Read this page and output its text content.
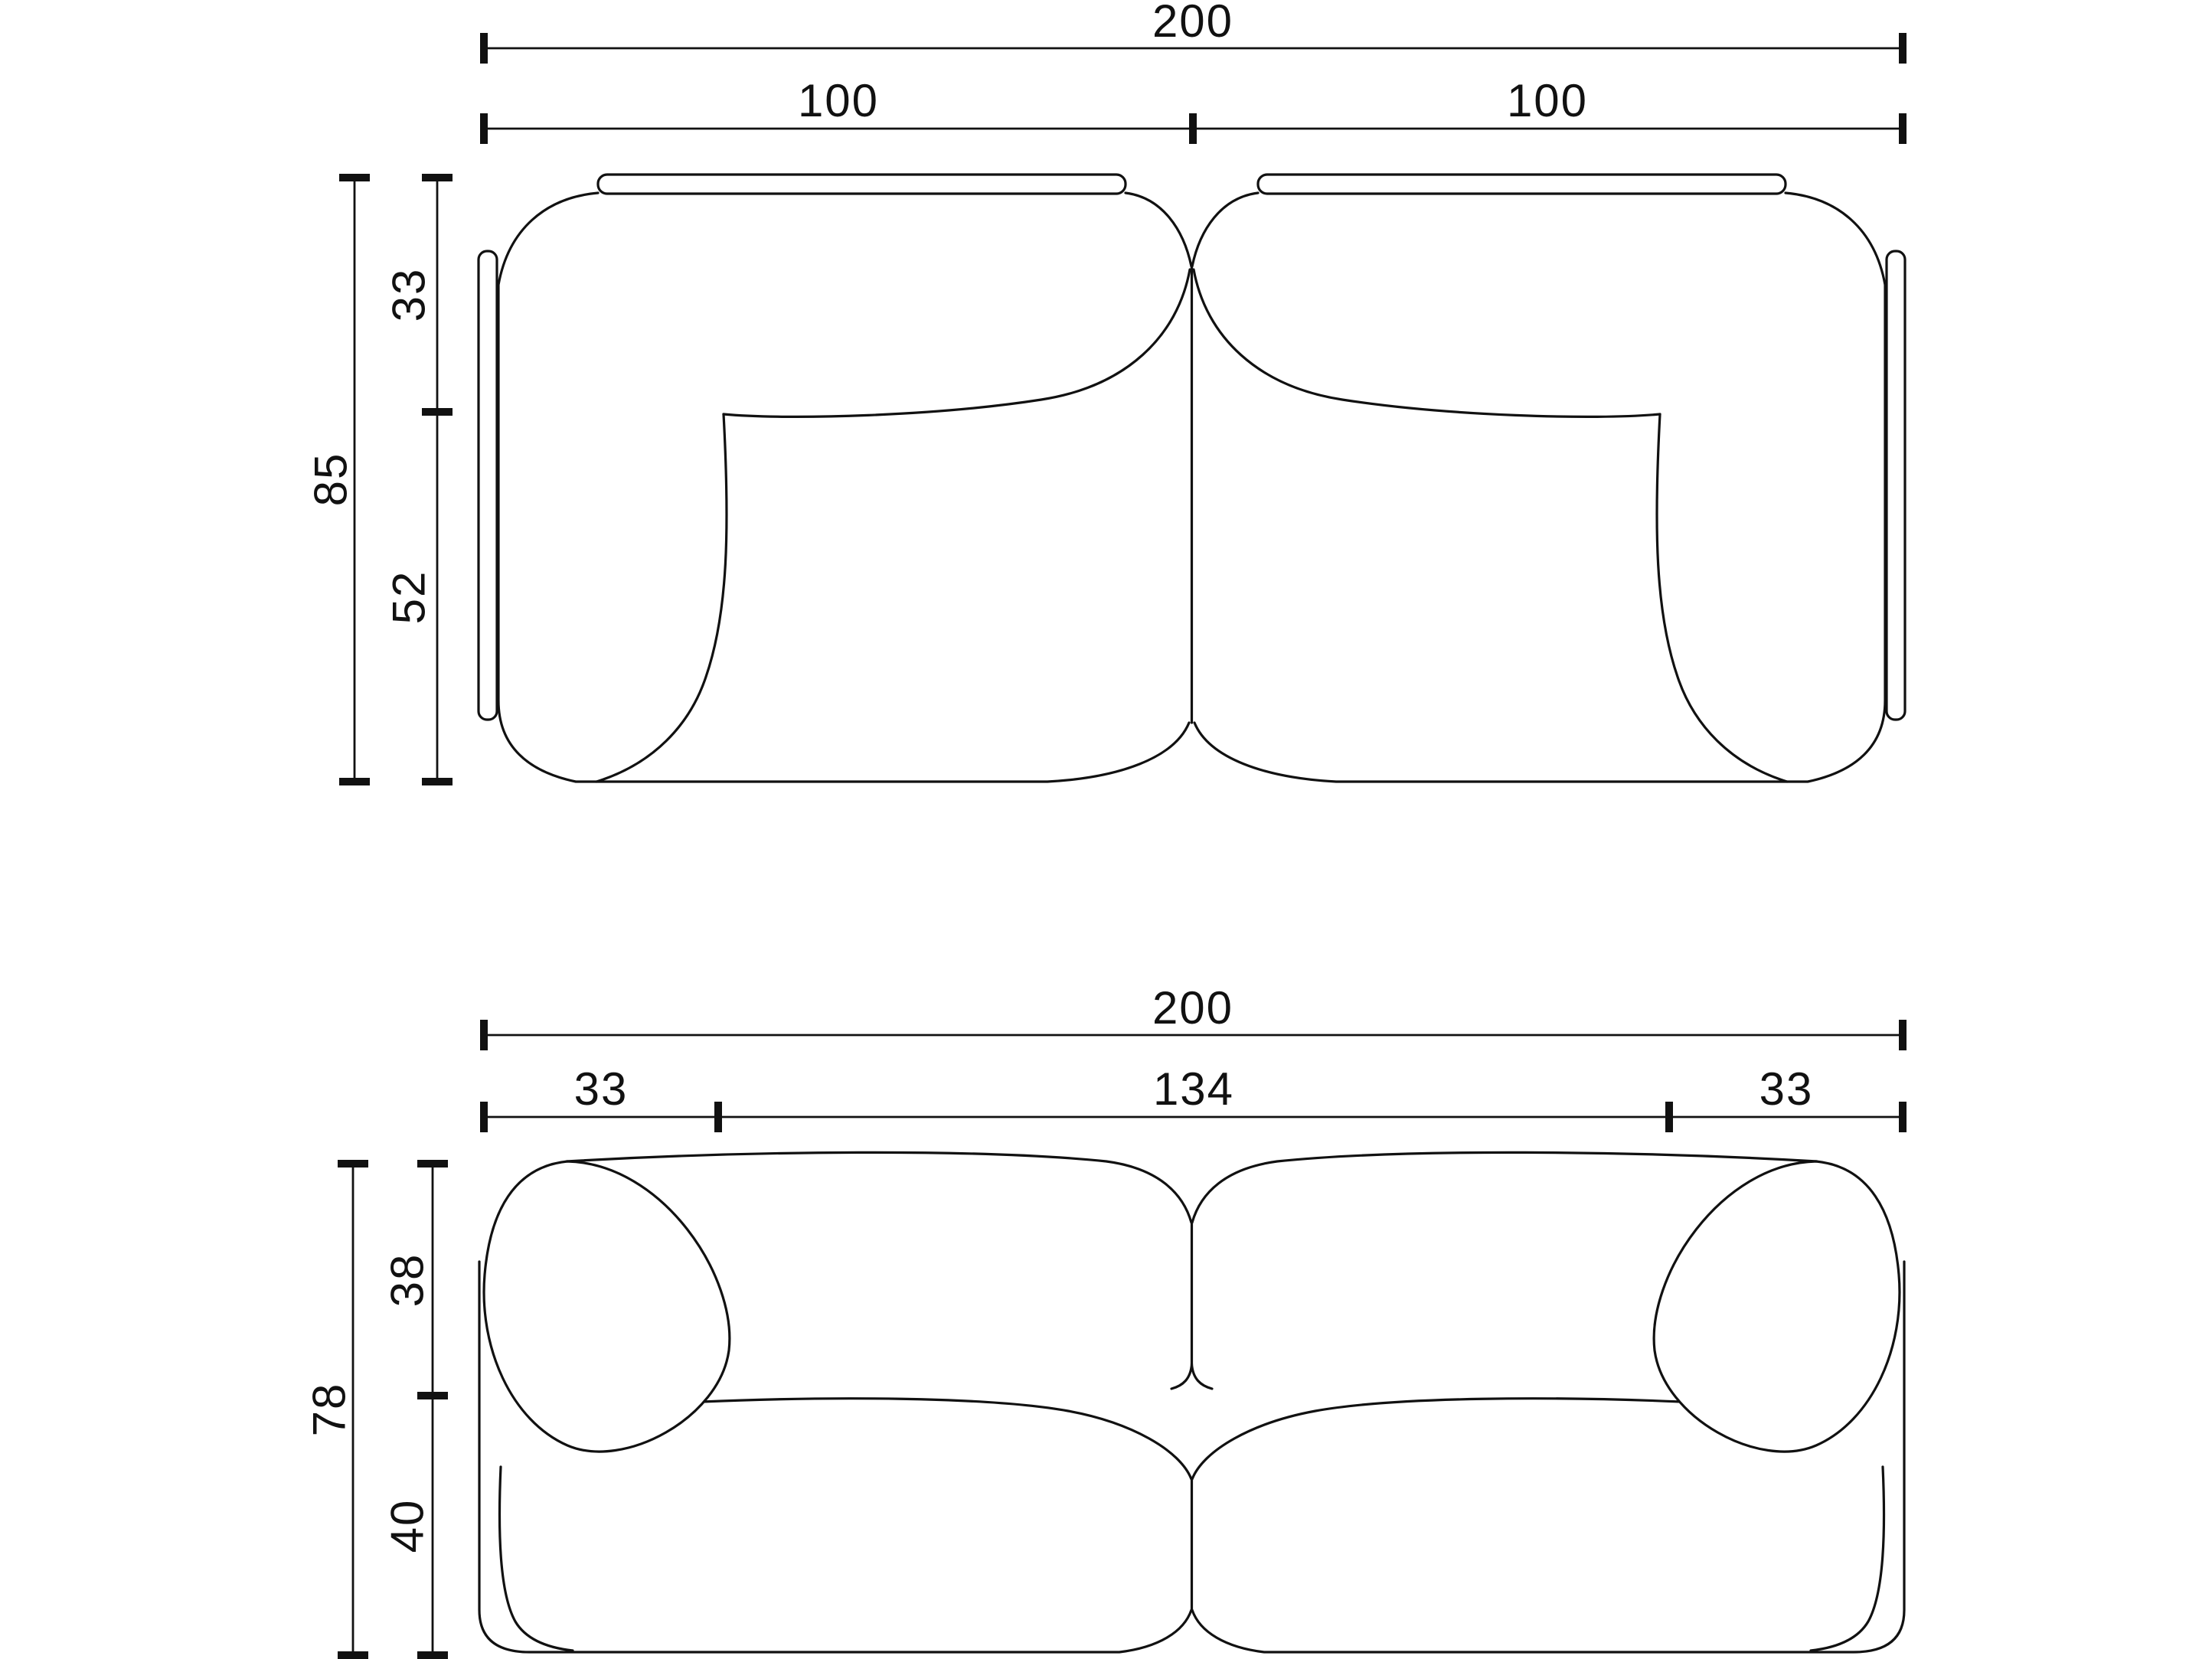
200
100	100
85
33
52
200
33	134	33
78
38
40
